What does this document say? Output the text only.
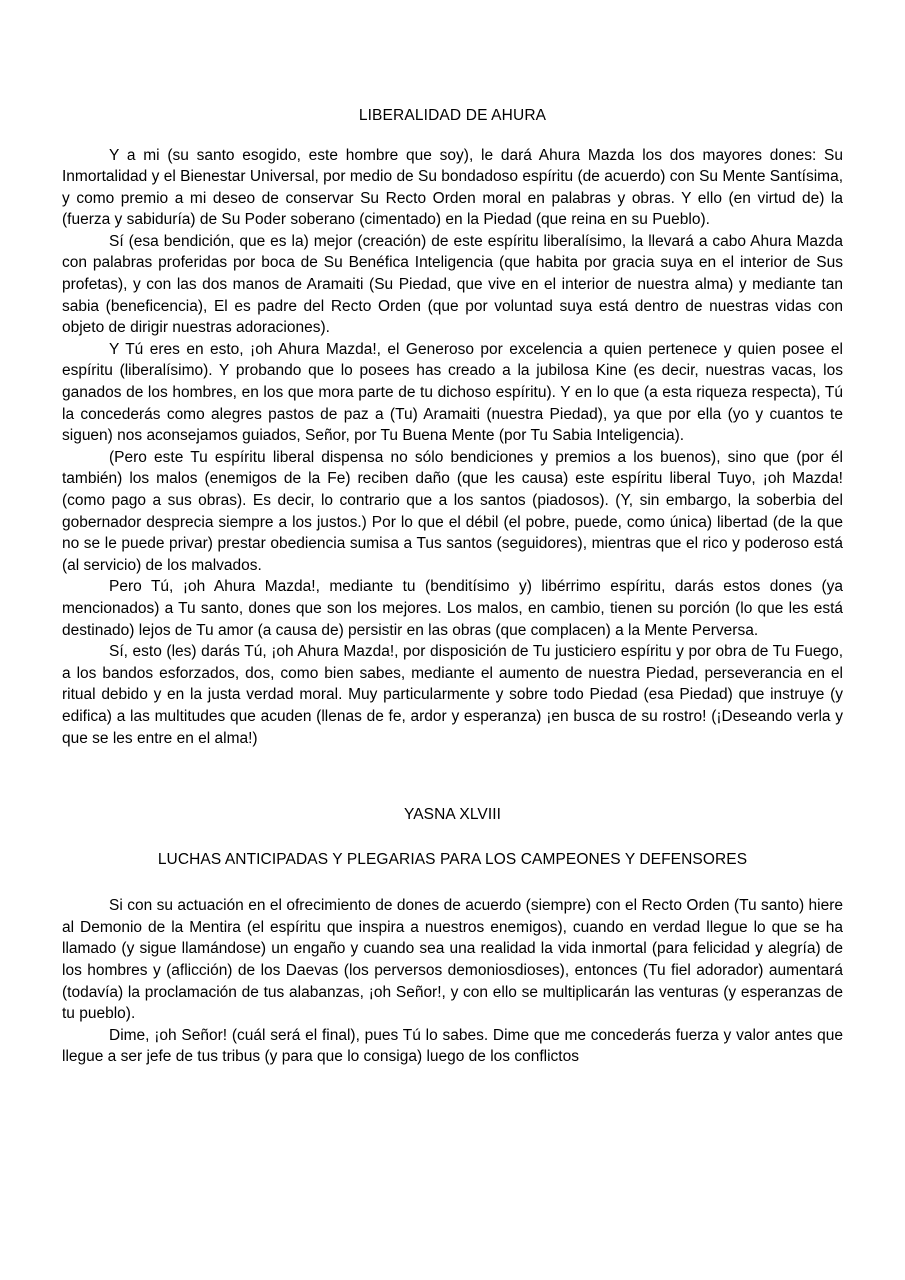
LIBERALIDAD DE AHURA

Y a mi (su santo esogido, este hombre que soy), le dará Ahura Mazda los dos mayores dones: Su Inmortalidad y el Bienestar Universal, por medio de Su bondadoso espíritu (de acuerdo) con Su Mente Santísima, y como premio a mi deseo de conservar Su Recto Orden moral en palabras y obras. Y ello (en virtud de) la (fuerza y sabiduría) de Su Poder soberano (cimentado) en la Piedad (que reina en su Pueblo).

Sí (esa bendición, que es la) mejor (creación) de este espíritu liberalísimo, la llevará a cabo Ahura Mazda con palabras proferidas por boca de Su Benéfica Inteligencia (que habita por gracia suya en el interior de Sus profetas), y con las dos manos de Aramaiti (Su Piedad, que vive en el interior de nuestra alma) y mediante tan sabia (beneficencia), El es padre del Recto Orden (que por voluntad suya está dentro de nuestras vidas con objeto de dirigir nuestras adoraciones).

Y Tú eres en esto, ¡oh Ahura Mazda!, el Generoso por excelencia a quien pertenece y quien posee el espíritu (liberalísimo). Y probando que lo posees has creado a la jubilosa Kine (es decir, nuestras vacas, los ganados de los hombres, en los que mora parte de tu dichoso espíritu). Y en lo que (a esta riqueza respecta), Tú la concederás como alegres pastos de paz a (Tu) Aramaiti (nuestra Piedad), ya que por ella (yo y cuantos te siguen) nos aconsejamos guiados, Señor, por Tu Buena Mente (por Tu Sabia Inteligencia).

(Pero este Tu espíritu liberal dispensa no sólo bendiciones y premios a los buenos), sino que (por él también) los malos (enemigos de la Fe) reciben daño (que les causa) este espíritu liberal Tuyo, ¡oh Mazda! (como pago a sus obras). Es decir, lo contrario que a los santos (piadosos). (Y, sin embargo, la soberbia del gobernador desprecia siempre a los justos.) Por lo que el débil (el pobre, puede, como única) libertad (de la que no se le puede privar) prestar obediencia sumisa a Tus santos (seguidores), mientras que el rico y poderoso está (al servicio) de los malvados.

Pero Tú, ¡oh Ahura Mazda!, mediante tu (benditísimo y) libérrimo espíritu, darás estos dones (ya mencionados) a Tu santo, dones que son los mejores. Los malos, en cambio, tienen su porción (lo que les está destinado) lejos de Tu amor (a causa de) persistir en las obras (que complacen) a la Mente Perversa.

Sí, esto (les) darás Tú, ¡oh Ahura Mazda!, por disposición de Tu justiciero espíritu y por obra de Tu Fuego, a los bandos esforzados, dos, como bien sabes, mediante el aumento de nuestra Piedad, perseverancia en el ritual debido y en la justa verdad moral. Muy particularmente y sobre todo Piedad (esa Piedad) que instruye (y edifica) a las multitudes que acuden (llenas de fe, ardor y esperanza) ¡en busca de su rostro! (¡Deseando verla y que se les entre en el alma!)

YASNA XLVIII
LUCHAS ANTICIPADAS Y PLEGARIAS PARA LOS CAMPEONES Y DEFENSORES

Si con su actuación en el ofrecimiento de dones de acuerdo (siempre) con el Recto Orden (Tu santo) hiere al Demonio de la Mentira (el espíritu que inspira a nuestros enemigos), cuando en verdad llegue lo que se ha llamado (y sigue llamándose) un engaño y cuando sea una realidad la vida inmortal (para felicidad y alegría) de los hombres y (aflicción) de los Daevas (los perversos demoniosdioses), entonces (Tu fiel adorador) aumentará (todavía) la proclamación de tus alabanzas, ¡oh Señor!, y con ello se multiplicarán las venturas (y esperanzas de tu pueblo).

Dime, ¡oh Señor! (cuál será el final), pues Tú lo sabes. Dime que me concederás fuerza y valor antes que llegue a ser jefe de tus tribus (y para que lo consiga) luego de los conflictos
